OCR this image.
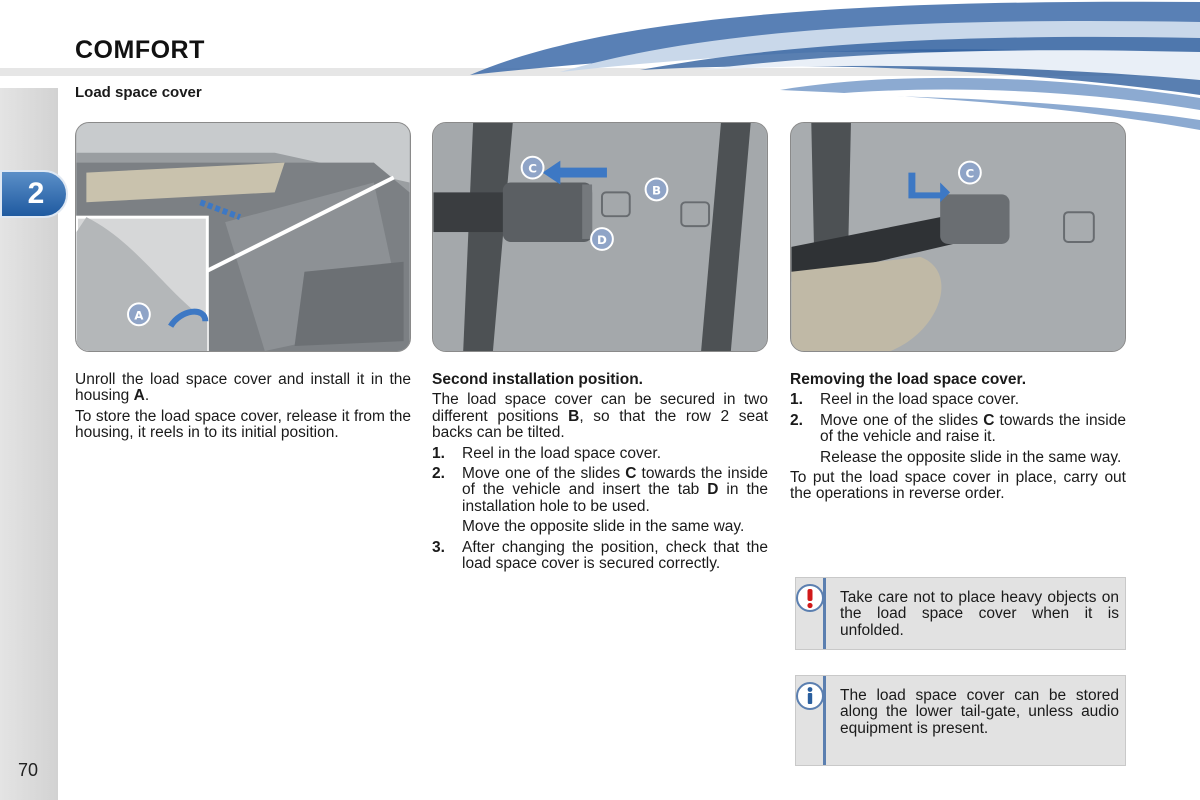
COMFORT
2
70
Load space cover
A
C
B
D
C

Unroll the load space cover and install it in the housing A.

To store the load space cover, release it from the housing, it reels in to its initial position.

Second installation position.

The load space cover can be secured in two different positions B, so that the row 2 seat backs can be tilted.

1.	Reel in the load space cover.
2.	Move one of the slides C towards the inside of the vehicle and insert the tab D in the installation hole to be used.

Move the opposite slide in the same way.

3.	After changing the position, check that the load space cover is secured correctly.
Removing the load space cover.
1.	Reel in the load space cover.
2.	Move one of the slides C towards the inside of the vehicle and raise it.

Release the opposite slide in the same way.

To put the load space cover in place, carry out the operations in reverse order.

Take care not to place heavy objects on the load space cover when it is unfolded.
The load space cover can be stored along the lower tail-gate, unless audio equipment is present.
